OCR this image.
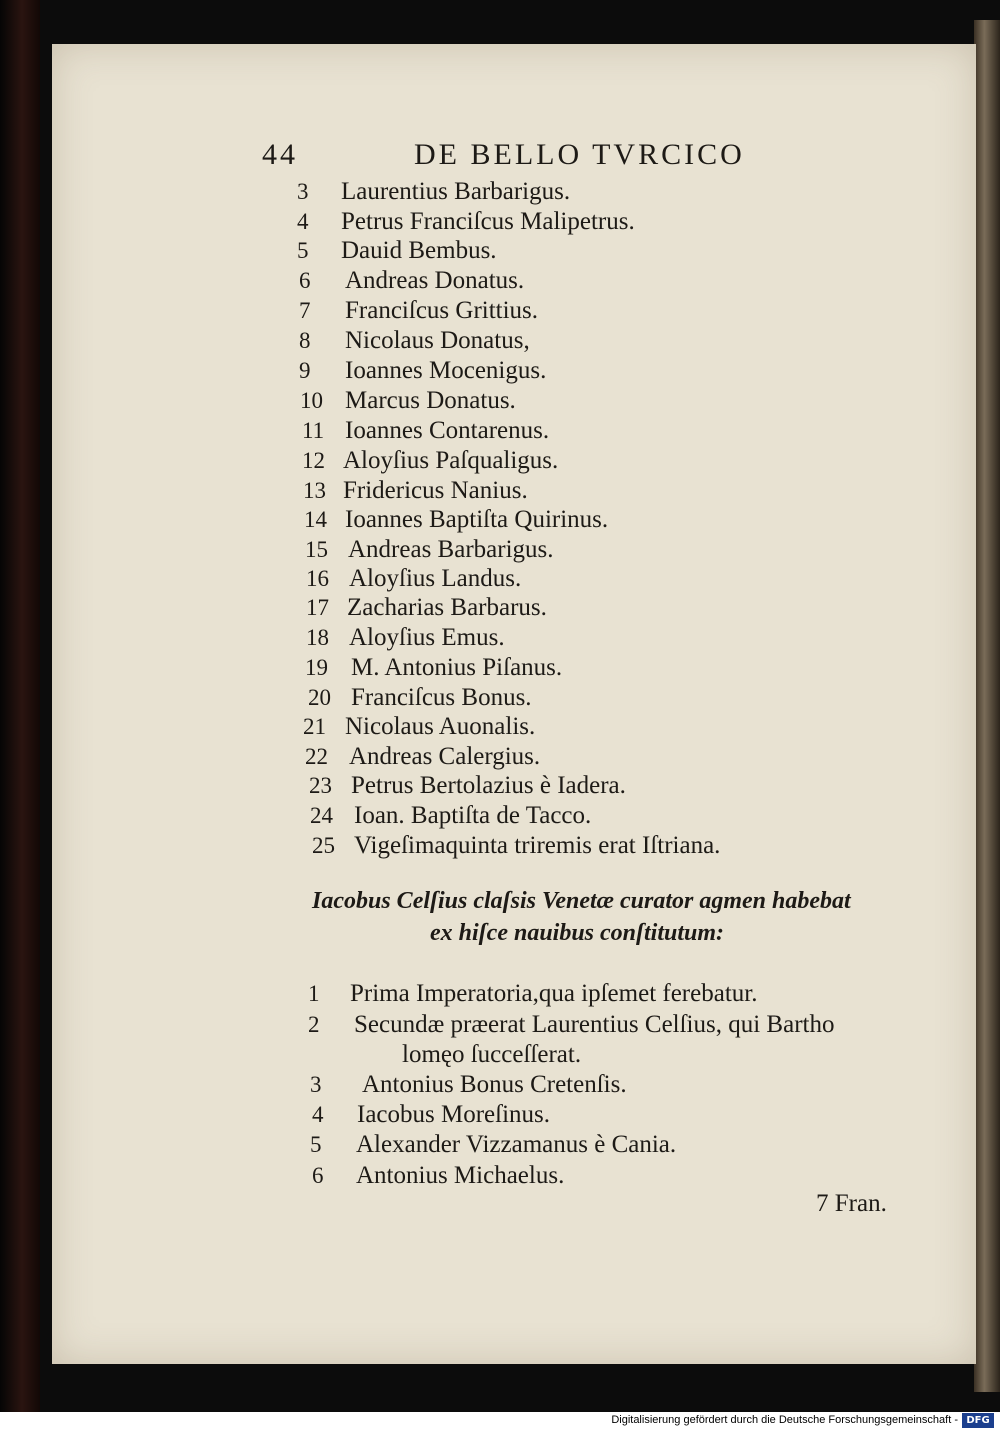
44	DE BELLO TVRCICO
3 Laurentius Barbarigus.
4 Petrus Franciſcus Malipetrus.
5 Dauid Bembus.
6 Andreas Donatus.
7 Franciſcus Grittius.
8 Nicolaus Donatus,
9 Ioannes Mocenigus.
10 Marcus Donatus.
11 Ioannes Contarenus.
12 Aloyſius Paſqualigus.
13 Fridericus Nanius.
14 Ioannes Baptiſta Quirinus.
15 Andreas Barbarigus.
16 Aloyſius Landus.
17 Zacharias Barbarus.
18 Aloyſius Emus.
19 M. Antonius Piſanus.
20 Franciſcus Bonus.
21 Nicolaus Auonalis.
22 Andreas Calergius.
23 Petrus Bertolazius è Iadera.
24 Ioan. Baptiſta de Tacco.
25 Vigeſimaquinta triremis erat Iſtriana.
Iacobus Celſius claſsis Venetæ curator agmen habebat
ex hiſce nauibus conſtitutum:
1 Prima Imperatoria,qua ipſemet ferebatur.
2 Secundæ præerat Laurentius Celſius, qui Bartho
lomęo ſucceſſerat.
3 Antonius Bonus Cretenſis.
4 Iacobus Moreſinus.
5 Alexander Vizzamanus è Cania.
6 Antonius Michaelus.
7 Fran.
Digitalisierung gefördert durch die Deutsche Forschungsgemeinschaft - DFG
